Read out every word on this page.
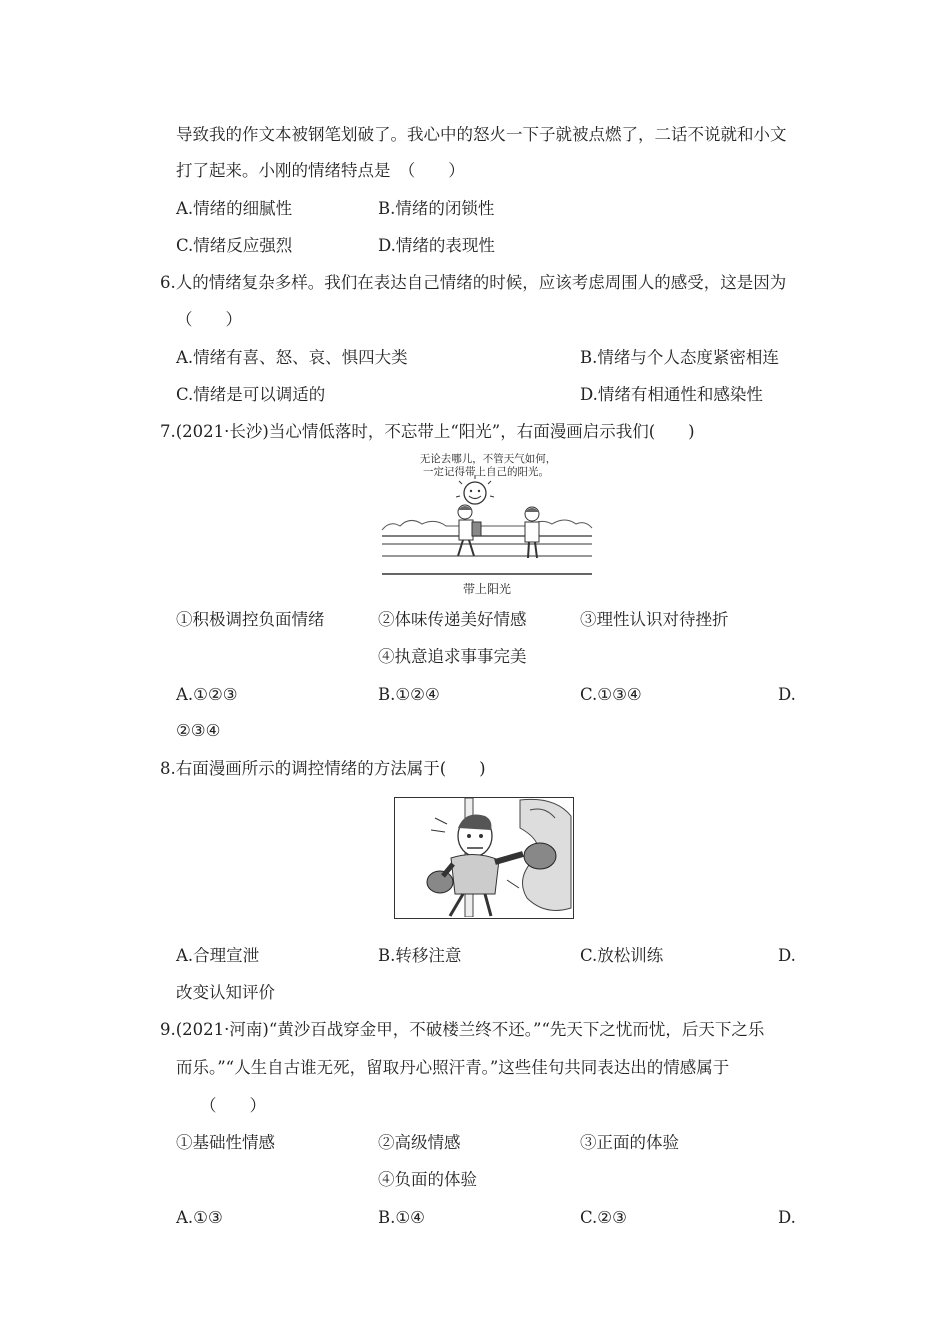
导致我的作文本被钢笔划破了。我心中的怒火一下子就被点燃了，二话不说就和小文
打了起来。小刚的情绪特点是　（　　）
A.情绪的细腻性	B.情绪的闭锁性
C.情绪反应强烈	D.情绪的表现性
6.人的情绪复杂多样。我们在表达自己情绪的时候，应该考虑周围人的感受，这是因为
（　　）
A.情绪有喜、怒、哀、惧四大类	B.情绪与个人态度紧密相连
C.情绪是可以调适的	D.情绪有相通性和感染性
7.(2021·长沙)当心情低落时，不忘带上“阳光”，右面漫画启示我们(　　)
无论去哪儿，不管天气如何，
一定记得带上自己的阳光。
带上阳光
①积极调控负面情绪	②体味传递美好情感	③理性认识对待挫折
④执意追求事事完美
A.①②③	B.①②④	C.①③④	D.
②③④
8.右面漫画所示的调控情绪的方法属于(　　)
A.合理宣泄	B.转移注意	C.放松训练	D.
改变认知评价
9.(2021·河南)“黄沙百战穿金甲，不破楼兰终不还。”“先天下之忧而忧，后天下之乐
而乐。”“人生自古谁无死，留取丹心照汗青。”这些佳句共同表达出的情感属于
（　　）
①基础性情感	②高级情感	③正面的体验
④负面的体验
A.①③	B.①④	C.②③	D.
